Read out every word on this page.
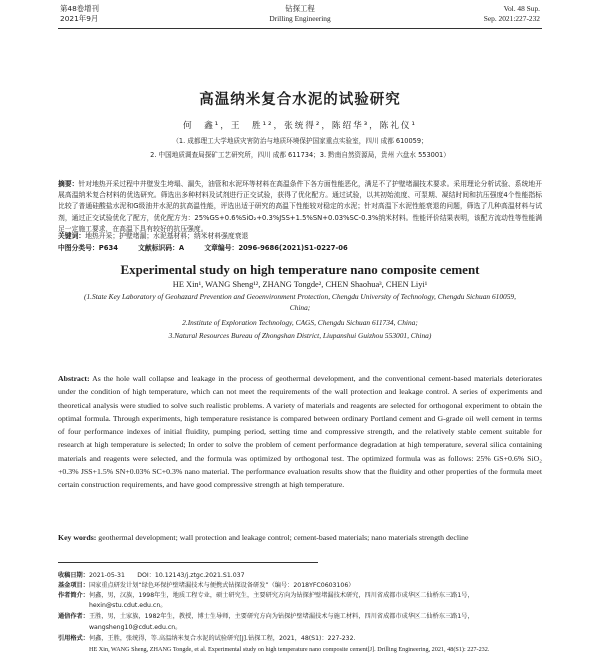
第48卷增刊
2021年9月
钻探工程
Drilling Engineering
Vol. 48 Sup.
Sep. 2021:227-232
高温纳米复合水泥的试验研究
何　鑫¹，王　胜¹²，张统得²，陈绍华³，陈礼仪¹
（1. 成都理工大学地质灾害防治与地质环境保护国家重点实验室，四川 成都 610059；
2. 中国地质调查局探矿工艺研究所，四川 成都 611734；3. 黔南自然资源局，贵州 六盘水 553001）
摘要：针对地热开采过程中井壁发生垮塌、漏失，油管和水泥环等材料在高温条件下各方面性能恶化，满足不了护壁堵漏技术要求。采用理论分析试验、系统地开展高温纳米复合材料的优选研究。筛选出多种材料及试剂进行正交试验，获得了优化配方。通过试验，以其初始流度、可泵期、凝结时间和抗压强度4个性能指标比较了普通硅酸盐水泥和G级油井水泥的抗高温性能，评选出适于研究的高温下性能较对稳定的水泥；针对高温下水泥性能衰退的问题，筛选了几种高温材料与试剂，通过正交试验优化了配方，优化配方为：25%GS+0.6%SiO₂+0.3%JSS+1.5%SN+0.03%SC-0.3%纳米材料。性能评价结果表明，该配方流动性等性能满足一定施工要求，在高温下具有较好的抗压强度。
关键词：地热开采；护壁堵漏；水泥基材料；纳米材料强度衰退
中图分类号：P634	文献标识码：A	文章编号：2096-9686(2021)S1-0227-06
Experimental study on high temperature nano composite cement
HE Xin¹, WANG Sheng¹², ZHANG Tongde², CHEN Shaohua³, CHEN Liyi¹
(1.State Key Laboratory of Geohazard Prevention and Geoenvironment Protection, Chengdu University of Technology, Chengdu Sichuan 610059, China;
2.Institute of Exploration Technology, CAGS, Chengdu Sichuan 611734, China;
3.Natural Resources Bureau of Zhongshan District, Liupanshui Guizhou 553001, China)
Abstract: As the hole wall collapse and leakage in the process of geothermal development, and the conventional cement-based materials deteriorates under the condition of high temperature, which can not meet the requirements of the wall protection and leakage control. A series of experiments and theoretical analysis were studied to solve such realistic problems. A variety of materials and reagents are selected for orthogonal experiment to obtain the optimal formula. Through experiments, high temperature resistance is compared between ordinary Portland cement and G-grade oil well cement in terms of four performance indexes of initial fluidity, pumping period, setting time and compressive strength, and the relatively stable cement suitable for research at high temperature is selected; In order to solve the problem of cement performance degradation at high temperature, several silica containing materials and reagents were selected, and the formula was optimized by orthogonal test. The optimized formula was as follows: 25% GS+0.6% SiO₂ +0.3% JSS+1.5% SN+0.03% SC+0.3% nano material. The performance evaluation results show that the fluidity and other properties of the formula meet certain construction requirements, and have good compressive strength at high temperature.
Key words: geothermal development; wall protection and leakage control; cement-based materials; nano materials strength decline
收稿日期：2021-05-31　　DOI：10.12143/j.ztgc.2021.S1.037
基金项目：国家重点研发计划“绿色环保护壁堵漏技术与便携式钻探设备研发”（编号：2018YFC0603106）
作者简介：何鑫，男，汉族，1998年生，地质工程专业，硕士研究生，主要研究方向为钻探护壁堵漏技术研究，四川省成都市成华区二仙桥东三路1号，
hexin@stu.cdut.edu.cn。
通信作者：王胜，男，土家族，1982年生，教授，博士生导师，主要研究方向为钻探护壁堵漏技术与施工材料，四川省成都市成华区二仙桥东三路1号，
wangsheng10@cdut.edu.cn。
引用格式：何鑫，王胜，张统得，等.高温纳米复合水泥的试验研究[J].钻探工程，2021，48(S1)：227-232.
HE Xin, WANG Sheng, ZHANG Tongde, et al. Experimental study on high temperature nano composite cement[J]. Drilling Engineering, 2021, 48(S1): 227-232.
